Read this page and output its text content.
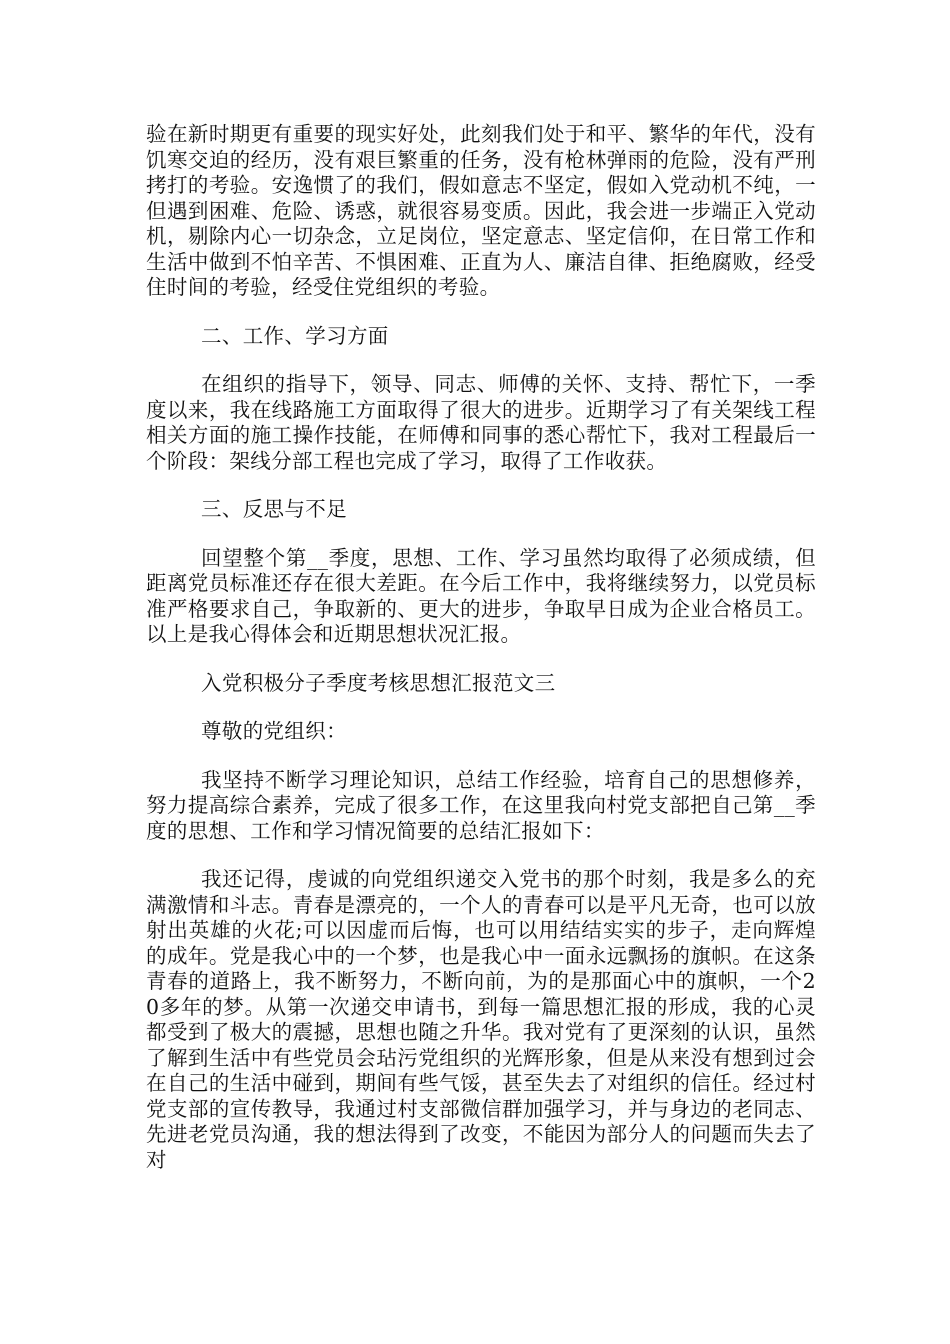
验在新时期更有重要的现实好处，此刻我们处于和平、繁华的年代，没有饥寒交迫的经历，没有艰巨繁重的任务，没有枪林弹雨的危险，没有严刑拷打的考验。安逸惯了的我们，假如意志不坚定，假如入党动机不纯，一但遇到困难、危险、诱惑，就很容易变质。因此，我会进一步端正入党动机，剔除内心一切杂念，立足岗位，坚定意志、坚定信仰，在日常工作和生活中做到不怕辛苦、不惧困难、正直为人、廉洁自律、拒绝腐败，经受住时间的考验，经受住党组织的考验。

二、工作、学习方面

在组织的指导下，领导、同志、师傅的关怀、支持、帮忙下，一季度以来，我在线路施工方面取得了很大的进步。近期学习了有关架线工程相关方面的施工操作技能，在师傅和同事的悉心帮忙下，我对工程最后一个阶段：架线分部工程也完成了学习，取得了工作收获。

三、反思与不足

回望整个第__季度，思想、工作、学习虽然均取得了必须成绩，但距离党员标准还存在很大差距。在今后工作中，我将继续努力，以党员标准严格要求自己，争取新的、更大的进步，争取早日成为企业合格员工。以上是我心得体会和近期思想状况汇报。

入党积极分子季度考核思想汇报范文三

尊敬的党组织：

我坚持不断学习理论知识，总结工作经验，培育自己的思想修养，努力提高综合素养，完成了很多工作，在这里我向村党支部把自己第__季度的思想、工作和学习情况简要的总结汇报如下：

我还记得，虔诚的向党组织递交入党书的那个时刻，我是多么的充满激情和斗志。青春是漂亮的，一个人的青春可以是平凡无奇，也可以放射出英雄的火花;可以因虚而后悔，也可以用结结实实的步子，走向辉煌的成年。党是我心中的一个梦，也是我心中一面永远飘扬的旗帜。在这条青春的道路上，我不断努力，不断向前，为的是那面心中的旗帜，一个20多年的梦。从第一次递交申请书，到每一篇思想汇报的形成，我的心灵都受到了极大的震撼，思想也随之升华。我对党有了更深刻的认识，虽然了解到生活中有些党员会玷污党组织的光辉形象，但是从来没有想到过会在自己的生活中碰到，期间有些气馁，甚至失去了对组织的信任。经过村党支部的宣传教导，我通过村支部微信群加强学习，并与身边的老同志、先进老党员沟通，我的想法得到了改变，不能因为部分人的问题而失去了对
